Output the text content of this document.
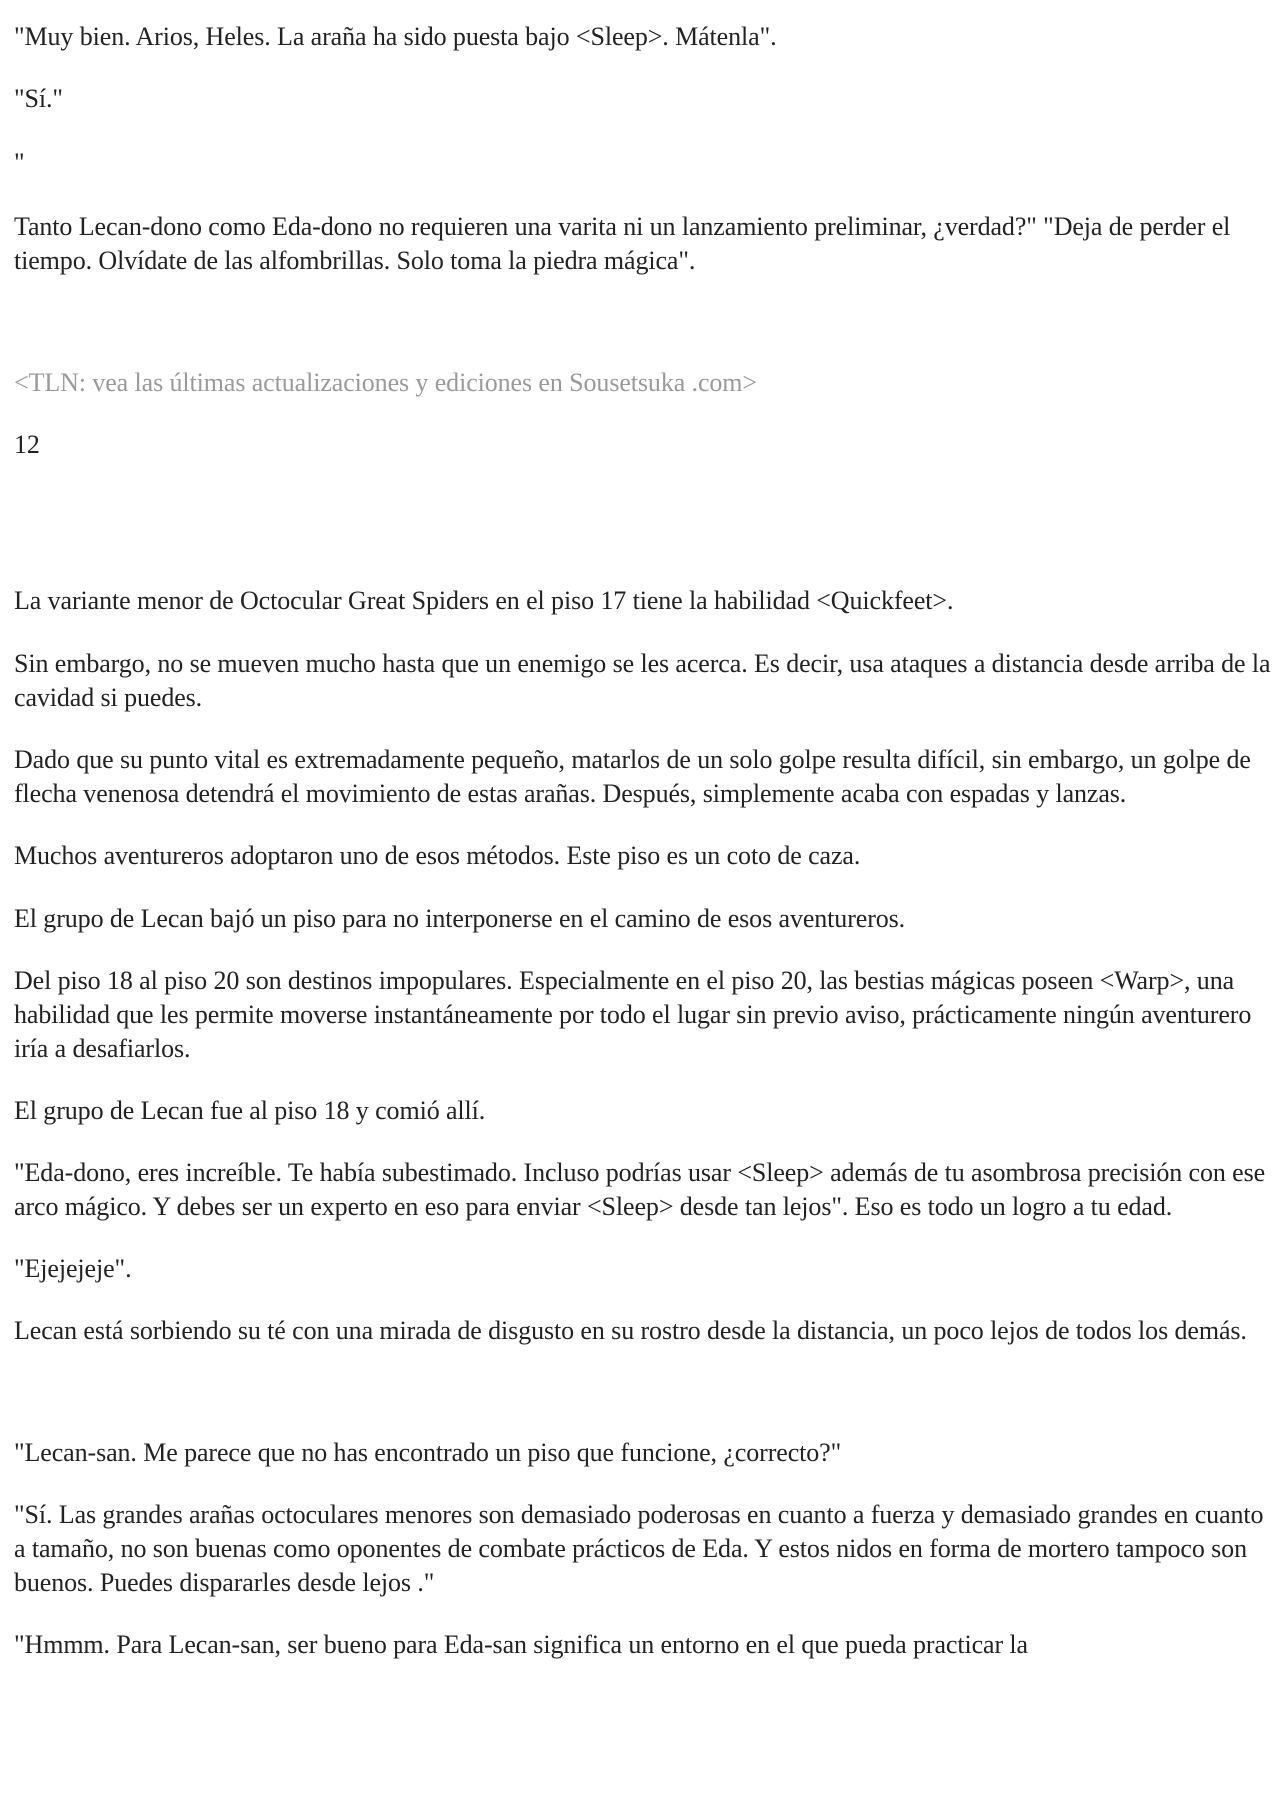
"Muy bien. Arios, Heles. La araña ha sido puesta bajo <Sleep>. Mátenla".

"Sí."

"

Tanto Lecan-dono como Eda-dono no requieren una varita ni un lanzamiento preliminar, ¿verdad?" "Deja de perder el tiempo. Olvídate de las alfombrillas. Solo toma la piedra mágica".

<TLN: vea las últimas actualizaciones y ediciones en Sousetsuka .com>

12

La variante menor de Octocular Great Spiders en el piso 17 tiene la habilidad <Quickfeet>.

Sin embargo, no se mueven mucho hasta que un enemigo se les acerca. Es decir, usa ataques a distancia desde arriba de la cavidad si puedes.

Dado que su punto vital es extremadamente pequeño, matarlos de un solo golpe resulta difícil, sin embargo, un golpe de flecha venenosa detendrá el movimiento de estas arañas. Después, simplemente acaba con espadas y lanzas.

Muchos aventureros adoptaron uno de esos métodos. Este piso es un coto de caza.

El grupo de Lecan bajó un piso para no interponerse en el camino de esos aventureros.

Del piso 18 al piso 20 son destinos impopulares. Especialmente en el piso 20, las bestias mágicas poseen <Warp>, una habilidad que les permite moverse instantáneamente por todo el lugar sin previo aviso, prácticamente ningún aventurero iría a desafiarlos.

El grupo de Lecan fue al piso 18 y comió allí.

"Eda-dono, eres increíble. Te había subestimado. Incluso podrías usar <Sleep> además de tu asombrosa precisión con ese arco mágico. Y debes ser un experto en eso para enviar <Sleep> desde tan lejos". Eso es todo un logro a tu edad.

"Ejejejeje".

Lecan está sorbiendo su té con una mirada de disgusto en su rostro desde la distancia, un poco lejos de todos los demás.

"Lecan-san. Me parece que no has encontrado un piso que funcione, ¿correcto?"

"Sí. Las grandes arañas octoculares menores son demasiado poderosas en cuanto a fuerza y demasiado grandes en cuanto a tamaño, no son buenas como oponentes de combate prácticos de Eda. Y estos nidos en forma de mortero tampoco son buenos. Puedes dispararles desde lejos ."

"Hmmm. Para Lecan-san, ser bueno para Eda-san significa un entorno en el que pueda practicar la
